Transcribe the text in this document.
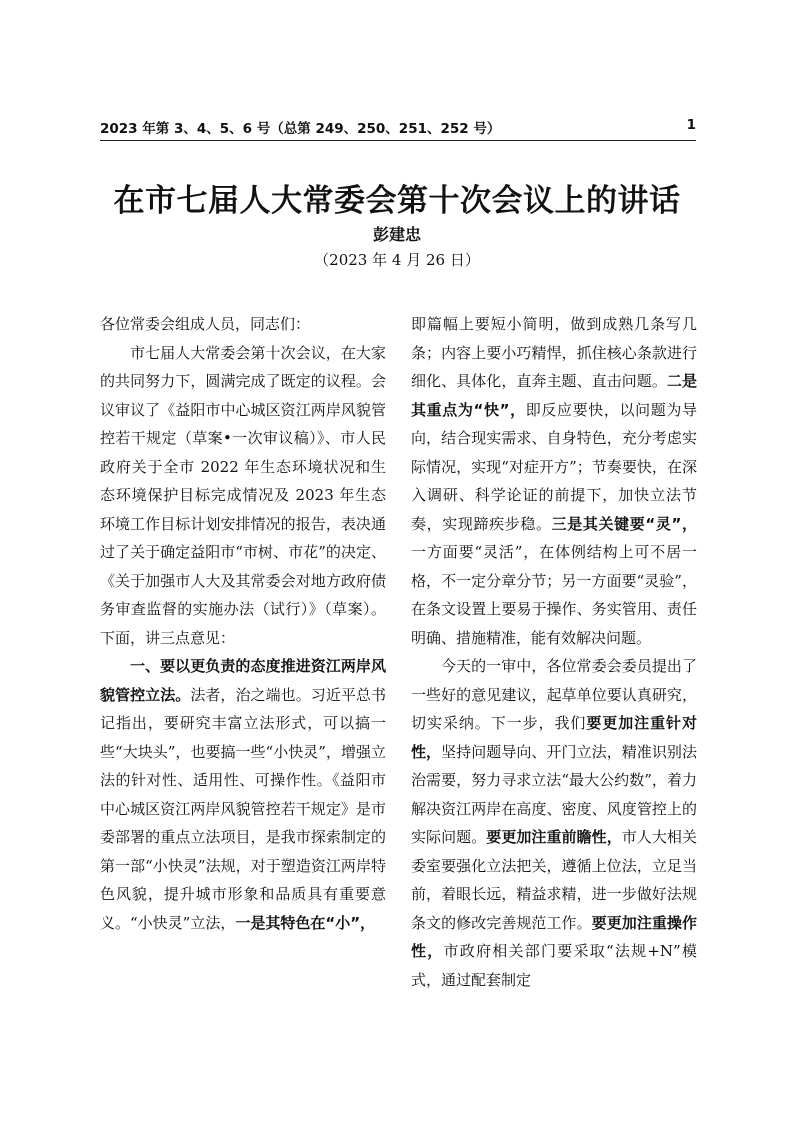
2023 年第 3、4、5、6 号（总第 249、250、251、252 号）	1
在市七届人大常委会第十次会议上的讲话
彭建忠
（2023 年 4 月 26 日）

各位常委会组成人员，同志们：

市七届人大常委会第十次会议，在大家的共同努力下，圆满完成了既定的议程。会议审议了《益阳市中心城区资江两岸风貌管控若干规定（草案•一次审议稿）》、市人民政府关于全市 2022 年生态环境状况和生态环境保护目标完成情况及 2023 年生态环境工作目标计划安排情况的报告，表决通过了关于确定益阳市“市树、市花”的决定、《关于加强市人大及其常委会对地方政府债务审查监督的实施办法（试行）》（草案）。下面，讲三点意见：

一、要以更负责的态度推进资江两岸风貌管控立法。法者，治之端也。习近平总书记指出，要研究丰富立法形式，可以搞一些“大块头”，也要搞一些“小快灵”，增强立法的针对性、适用性、可操作性。《益阳市中心城区资江两岸风貌管控若干规定》是市委部署的重点立法项目，是我市探索制定的第一部“小快灵”法规，对于塑造资江两岸特色风貌，提升城市形象和品质具有重要意义。“小快灵”立法，一是其特色在“小”，

即篇幅上要短小简明，做到成熟几条写几条；内容上要小巧精悍，抓住核心条款进行细化、具体化，直奔主题、直击问题。二是其重点为“快”，即反应要快，以问题为导向，结合现实需求、自身特色，充分考虑实际情况，实现“对症开方”；节奏要快，在深入调研、科学论证的前提下，加快立法节奏，实现蹄疾步稳。三是其关键要“灵”，一方面要“灵活”，在体例结构上可不居一格，不一定分章分节；另一方面要“灵验”，在条文设置上要易于操作、务实管用、责任明确、措施精准，能有效解决问题。

今天的一审中，各位常委会委员提出了一些好的意见建议，起草单位要认真研究，切实采纳。下一步，我们要更加注重针对性，坚持问题导向、开门立法，精准识别法治需要，努力寻求立法“最大公约数”，着力解决资江两岸在高度、密度、风度管控上的实际问题。要更加注重前瞻性，市人大相关委室要强化立法把关，遵循上位法，立足当前，着眼长远，精益求精，进一步做好法规条文的修改完善规范工作。要更加注重操作性，市政府相关部门要采取“法规+N”模式，通过配套制定
